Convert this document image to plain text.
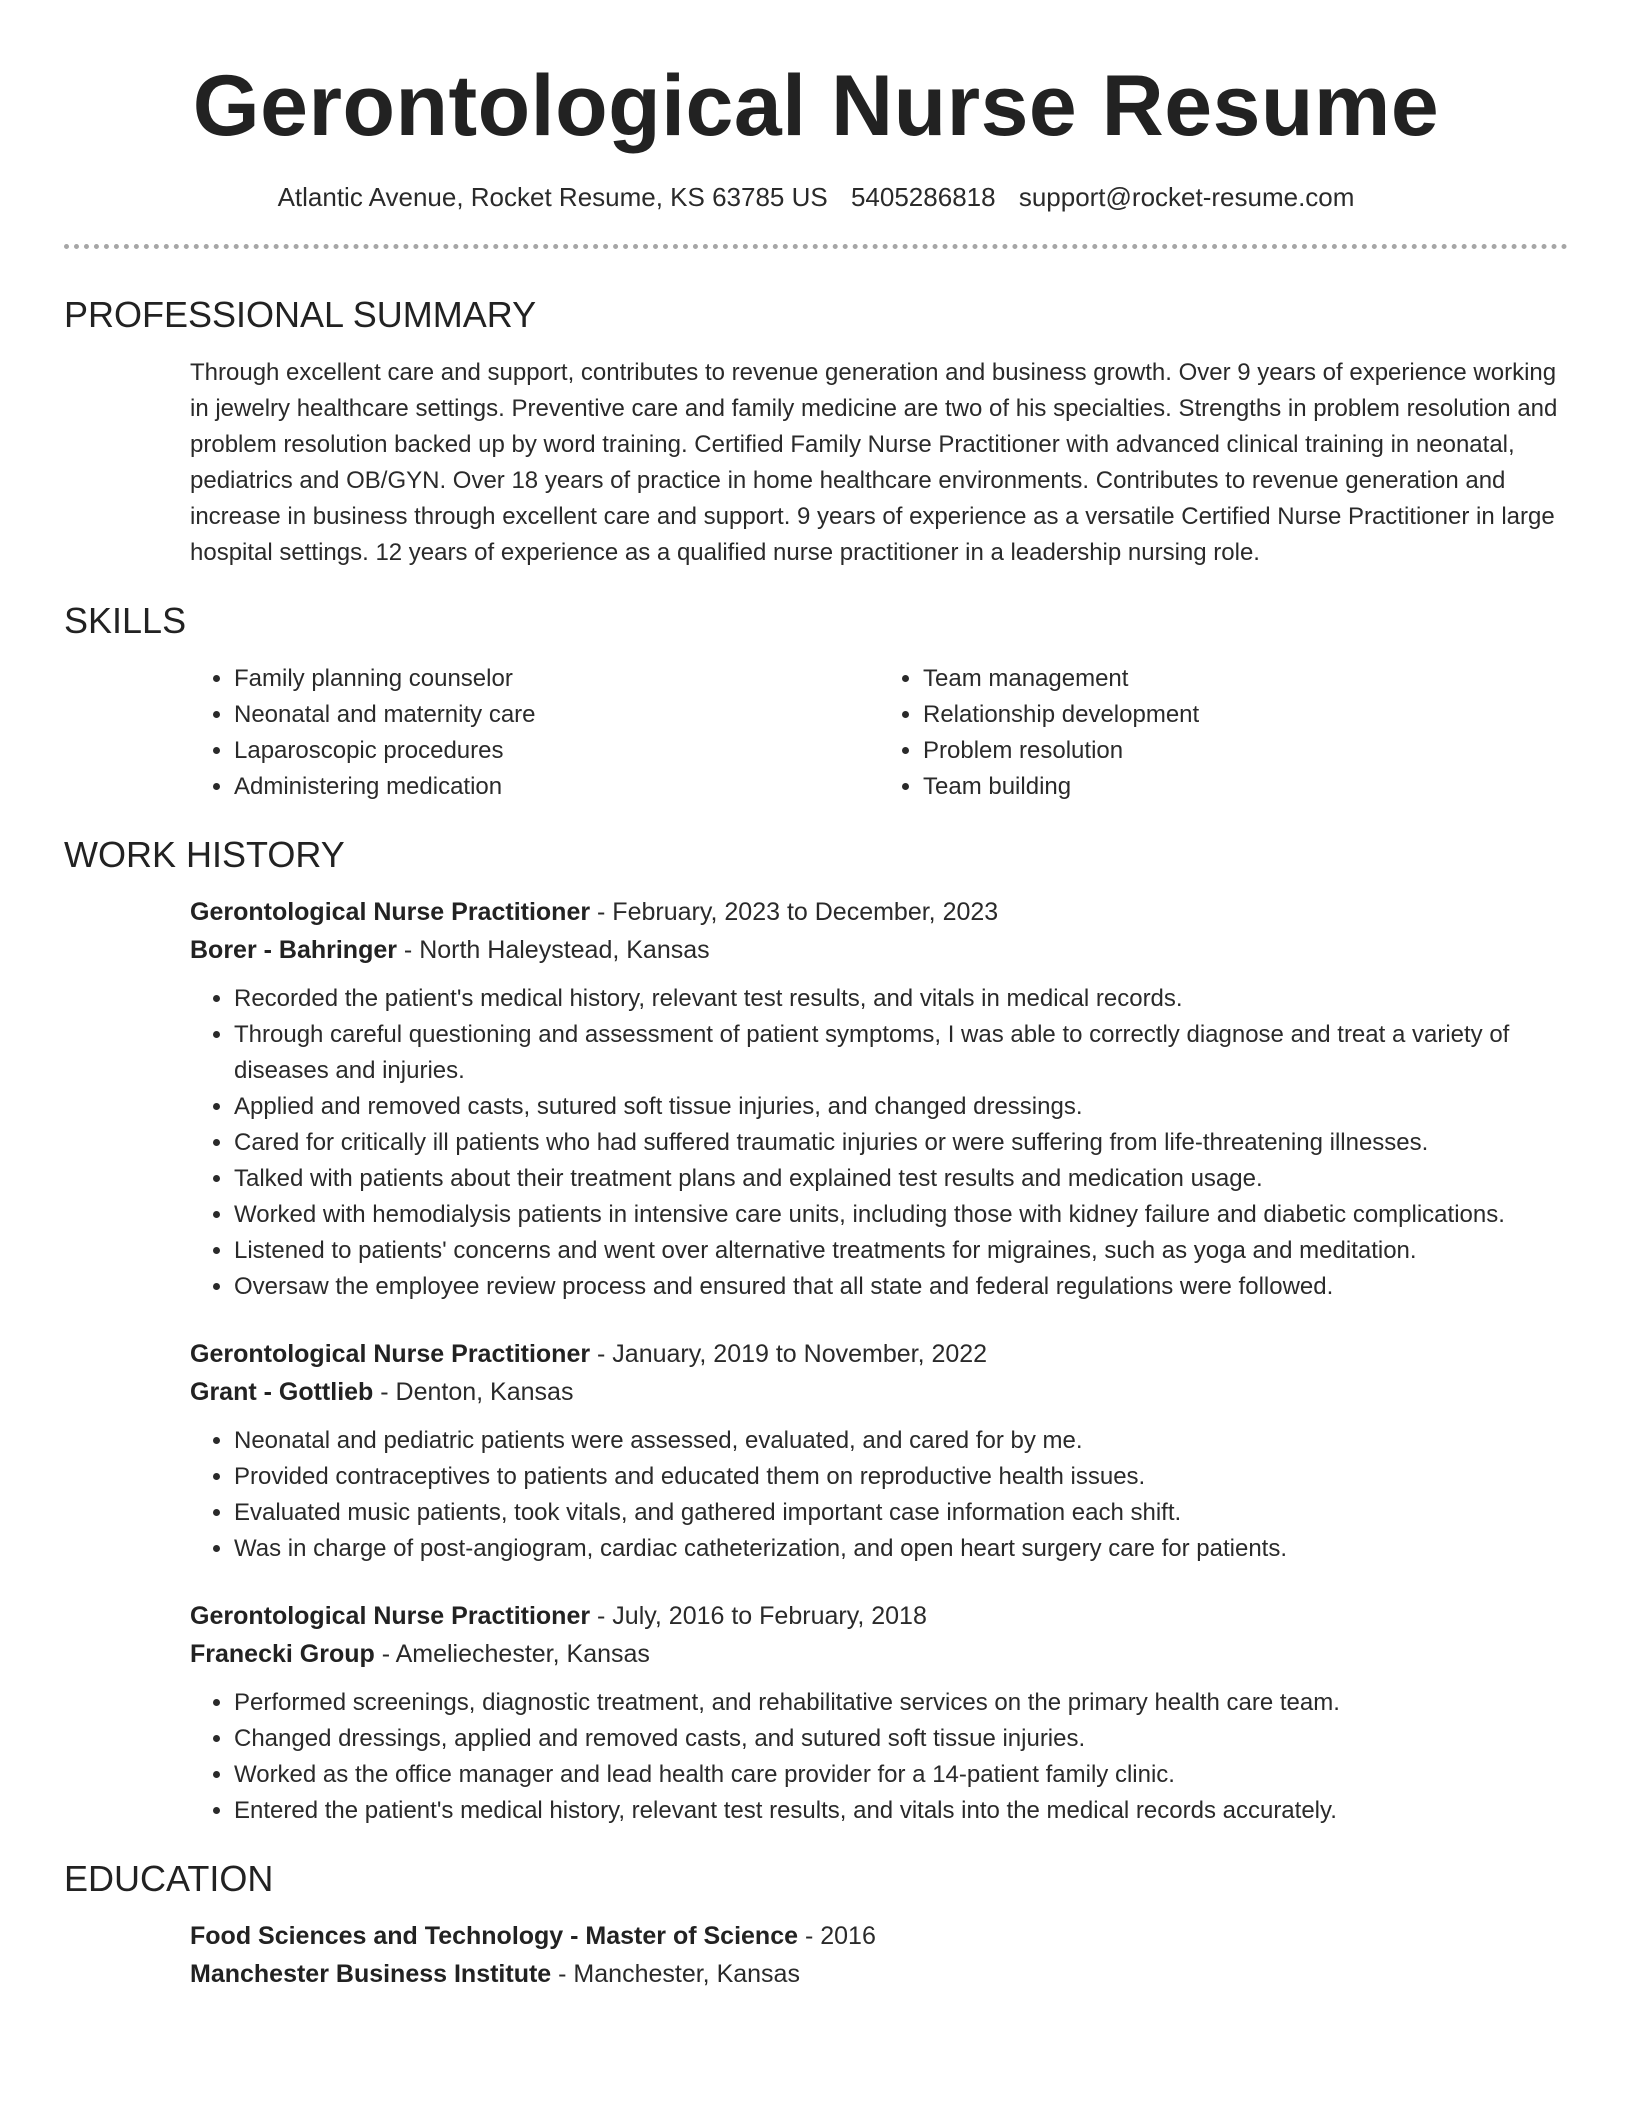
Gerontological Nurse Resume
Atlantic Avenue, Rocket Resume, KS 63785 US 5405286818 support@rocket-resume.com
PROFESSIONAL SUMMARY
Through excellent care and support, contributes to revenue generation and business growth. Over 9 years of experience working in jewelry healthcare settings. Preventive care and family medicine are two of his specialties. Strengths in problem resolution and problem resolution backed up by word training. Certified Family Nurse Practitioner with advanced clinical training in neonatal, pediatrics and OB/GYN. Over 18 years of practice in home healthcare environments. Contributes to revenue generation and increase in business through excellent care and support. 9 years of experience as a versatile Certified Nurse Practitioner in large hospital settings. 12 years of experience as a qualified nurse practitioner in a leadership nursing role.
SKILLS
• Family planning counselor
• Neonatal and maternity care
• Laparoscopic procedures
• Administering medication
• Team management
• Relationship development
• Problem resolution
• Team building
WORK HISTORY
Gerontological Nurse Practitioner - February, 2023 to December, 2023
Borer - Bahringer - North Haleystead, Kansas
• Recorded the patient's medical history, relevant test results, and vitals in medical records.
• Through careful questioning and assessment of patient symptoms, I was able to correctly diagnose and treat a variety of diseases and injuries.
• Applied and removed casts, sutured soft tissue injuries, and changed dressings.
• Cared for critically ill patients who had suffered traumatic injuries or were suffering from life-threatening illnesses.
• Talked with patients about their treatment plans and explained test results and medication usage.
• Worked with hemodialysis patients in intensive care units, including those with kidney failure and diabetic complications.
• Listened to patients' concerns and went over alternative treatments for migraines, such as yoga and meditation.
• Oversaw the employee review process and ensured that all state and federal regulations were followed.
Gerontological Nurse Practitioner - January, 2019 to November, 2022
Grant - Gottlieb - Denton, Kansas
• Neonatal and pediatric patients were assessed, evaluated, and cared for by me.
• Provided contraceptives to patients and educated them on reproductive health issues.
• Evaluated music patients, took vitals, and gathered important case information each shift.
• Was in charge of post-angiogram, cardiac catheterization, and open heart surgery care for patients.
Gerontological Nurse Practitioner - July, 2016 to February, 2018
Franecki Group - Ameliechester, Kansas
• Performed screenings, diagnostic treatment, and rehabilitative services on the primary health care team.
• Changed dressings, applied and removed casts, and sutured soft tissue injuries.
• Worked as the office manager and lead health care provider for a 14-patient family clinic.
• Entered the patient's medical history, relevant test results, and vitals into the medical records accurately.
EDUCATION
Food Sciences and Technology - Master of Science - 2016
Manchester Business Institute - Manchester, Kansas
